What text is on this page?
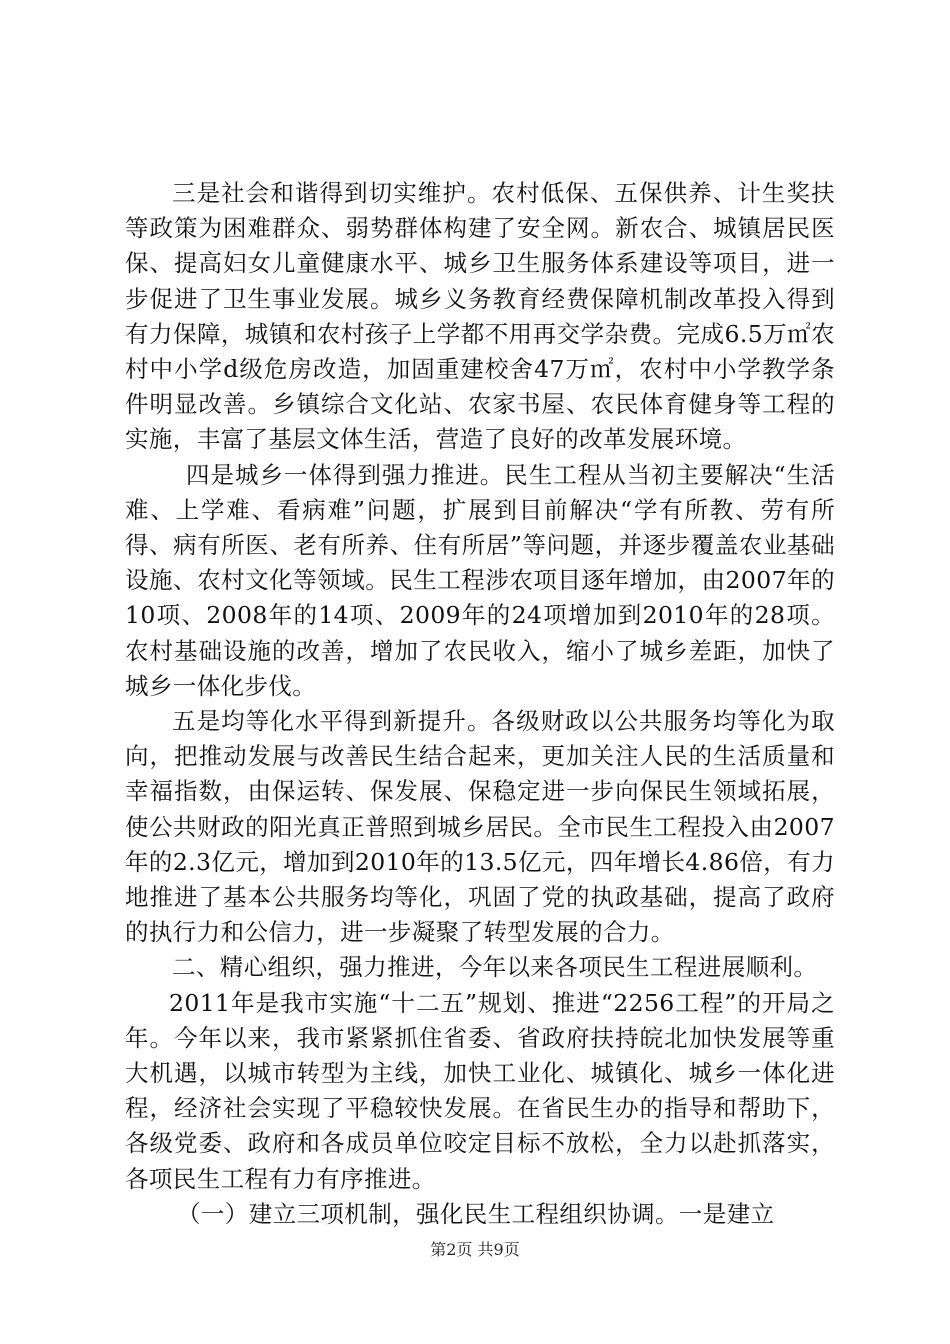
三是社会和谐得到切实维护。农村低保、五保供养、计生奖扶等政策为困难群众、弱势群体构建了安全网。新农合、城镇居民医保、提高妇女儿童健康水平、城乡卫生服务体系建设等项目，进一步促进了卫生事业发展。城乡义务教育经费保障机制改革投入得到有力保障，城镇和农村孩子上学都不用再交学杂费。完成6.5万㎡农村中小学d级危房改造，加固重建校舍47万㎡，农村中小学教学条件明显改善。乡镇综合文化站、农家书屋、农民体育健身等工程的实施，丰富了基层文体生活，营造了良好的改革发展环境。

四是城乡一体得到强力推进。民生工程从当初主要解决“生活难、上学难、看病难”问题，扩展到目前解决“学有所教、劳有所得、病有所医、老有所养、住有所居”等问题，并逐步覆盖农业基础设施、农村文化等领域。民生工程涉农项目逐年增加，由2007年的10项、2008年的14项、2009年的24项增加到2010年的28项。农村基础设施的改善，增加了农民收入，缩小了城乡差距，加快了城乡一体化步伐。

五是均等化水平得到新提升。各级财政以公共服务均等化为取向，把推动发展与改善民生结合起来，更加关注人民的生活质量和幸福指数，由保运转、保发展、保稳定进一步向保民生领域拓展，使公共财政的阳光真正普照到城乡居民。全市民生工程投入由2007年的2.3亿元，增加到2010年的13.5亿元，四年增长4.86倍，有力地推进了基本公共服务均等化，巩固了党的执政基础，提高了政府的执行力和公信力，进一步凝聚了转型发展的合力。

二、精心组织，强力推进，今年以来各项民生工程进展顺利。

2011年是我市实施“十二五”规划、推进“2256工程”的开局之年。今年以来，我市紧紧抓住省委、省政府扶持皖北加快发展等重大机遇，以城市转型为主线，加快工业化、城镇化、城乡一体化进程，经济社会实现了平稳较快发展。在省民生办的指导和帮助下，各级党委、政府和各成员单位咬定目标不放松，全力以赴抓落实，各项民生工程有力有序推进。

（一）建立三项机制，强化民生工程组织协调。一是建立

第2页 共9页
